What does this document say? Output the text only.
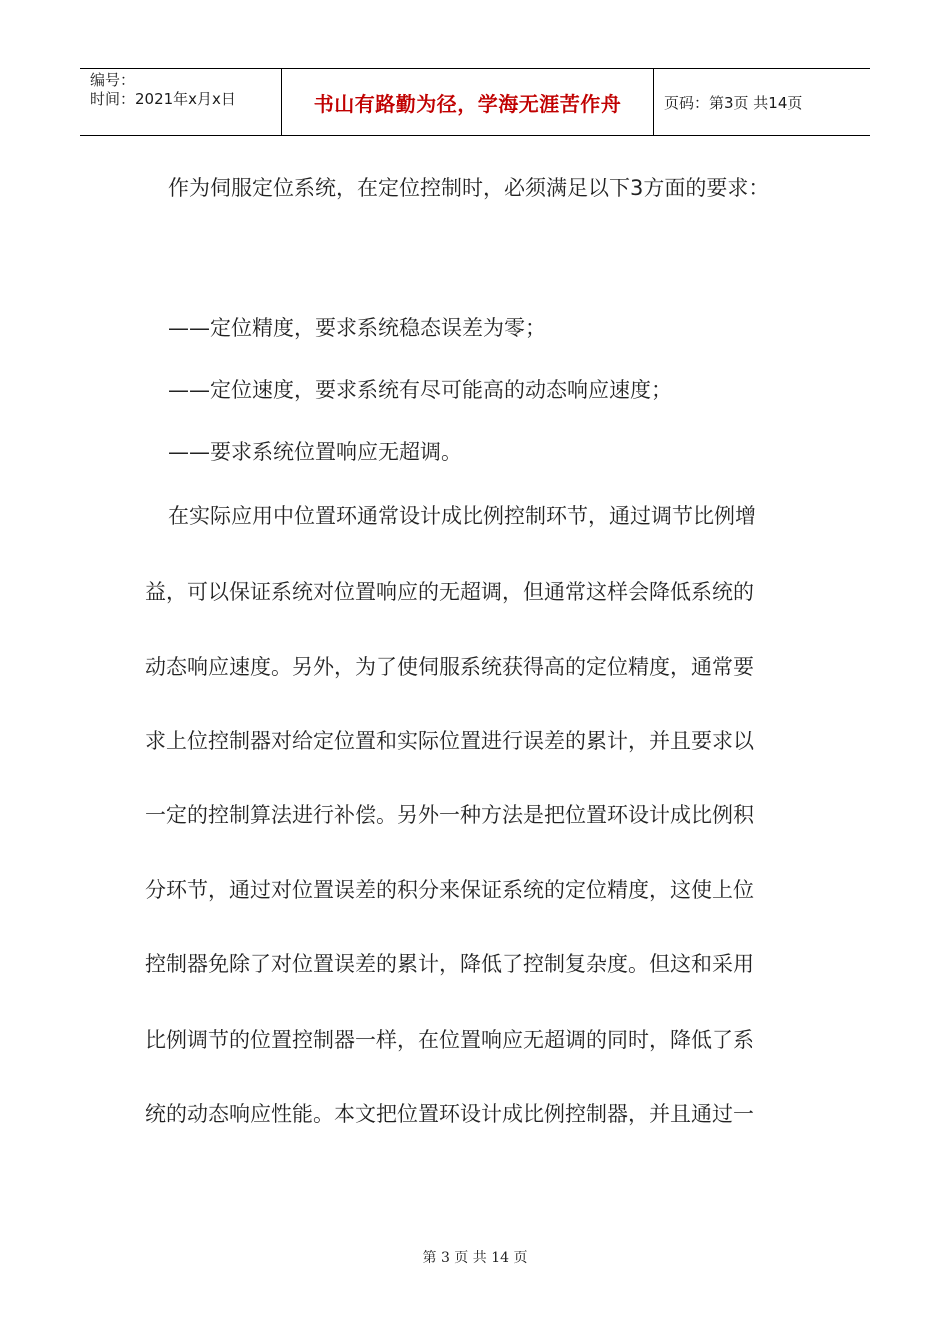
编号：
时间：2021年x月x日	书山有路勤为径，学海无涯苦作舟	页码：第3页 共14页

作为伺服定位系统，在定位控制时，必须满足以下3方面的要求：

——定位精度，要求系统稳态误差为零；

——定位速度，要求系统有尽可能高的动态响应速度；

——要求系统位置响应无超调。

在实际应用中位置环通常设计成比例控制环节，通过调节比例增

益，可以保证系统对位置响应的无超调，但通常这样会降低系统的

动态响应速度。另外，为了使伺服系统获得高的定位精度，通常要

求上位控制器对给定位置和实际位置进行误差的累计，并且要求以

一定的控制算法进行补偿。另外一种方法是把位置环设计成比例积

分环节，通过对位置误差的积分来保证系统的定位精度，这使上位

控制器免除了对位置误差的累计，降低了控制复杂度。但这和采用

比例调节的位置控制器一样，在位置响应无超调的同时，降低了系

统的动态响应性能。本文把位置环设计成比例控制器，并且通过一

第 3 页 共 14 页
